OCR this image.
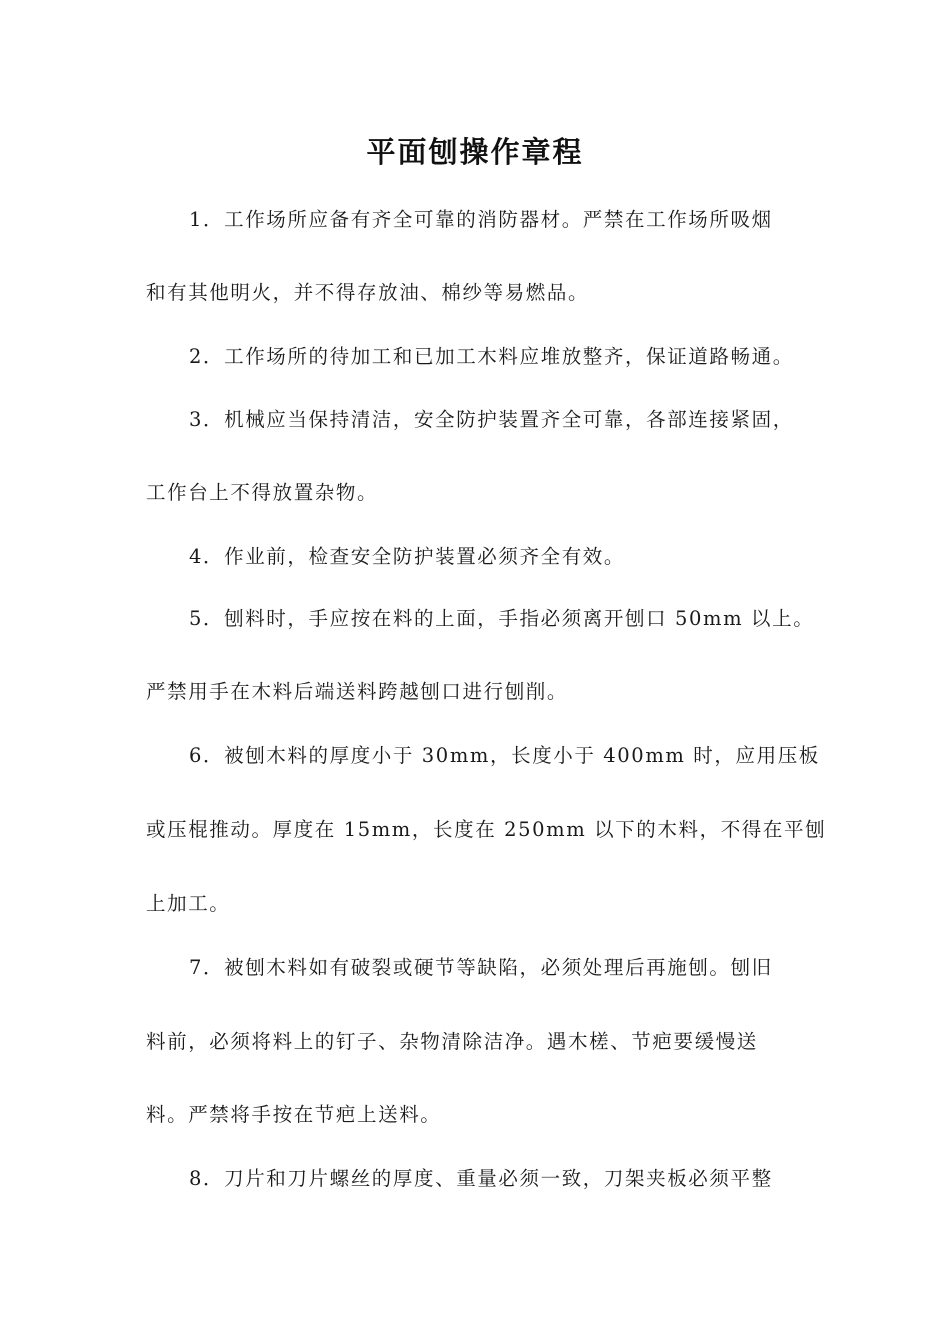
平面刨操作章程
1．工作场所应备有齐全可靠的消防器材。严禁在工作场所吸烟
和有其他明火，并不得存放油、棉纱等易燃品。
2．工作场所的待加工和已加工木料应堆放整齐，保证道路畅通。
3．机械应当保持清洁，安全防护装置齐全可靠，各部连接紧固，
工作台上不得放置杂物。
4．作业前，检查安全防护装置必须齐全有效。
5．刨料时，手应按在料的上面，手指必须离开刨口 50mm 以上。
严禁用手在木料后端送料跨越刨口进行刨削。
6．被刨木料的厚度小于 30mm，长度小于 400mm 时，应用压板
或压棍推动。厚度在 15mm，长度在 250mm 以下的木料，不得在平刨
上加工。
7．被刨木料如有破裂或硬节等缺陷，必须处理后再施刨。刨旧
料前，必须将料上的钉子、杂物清除洁净。遇木槎、节疤要缓慢送
料。严禁将手按在节疤上送料。
8．刀片和刀片螺丝的厚度、重量必须一致，刀架夹板必须平整
